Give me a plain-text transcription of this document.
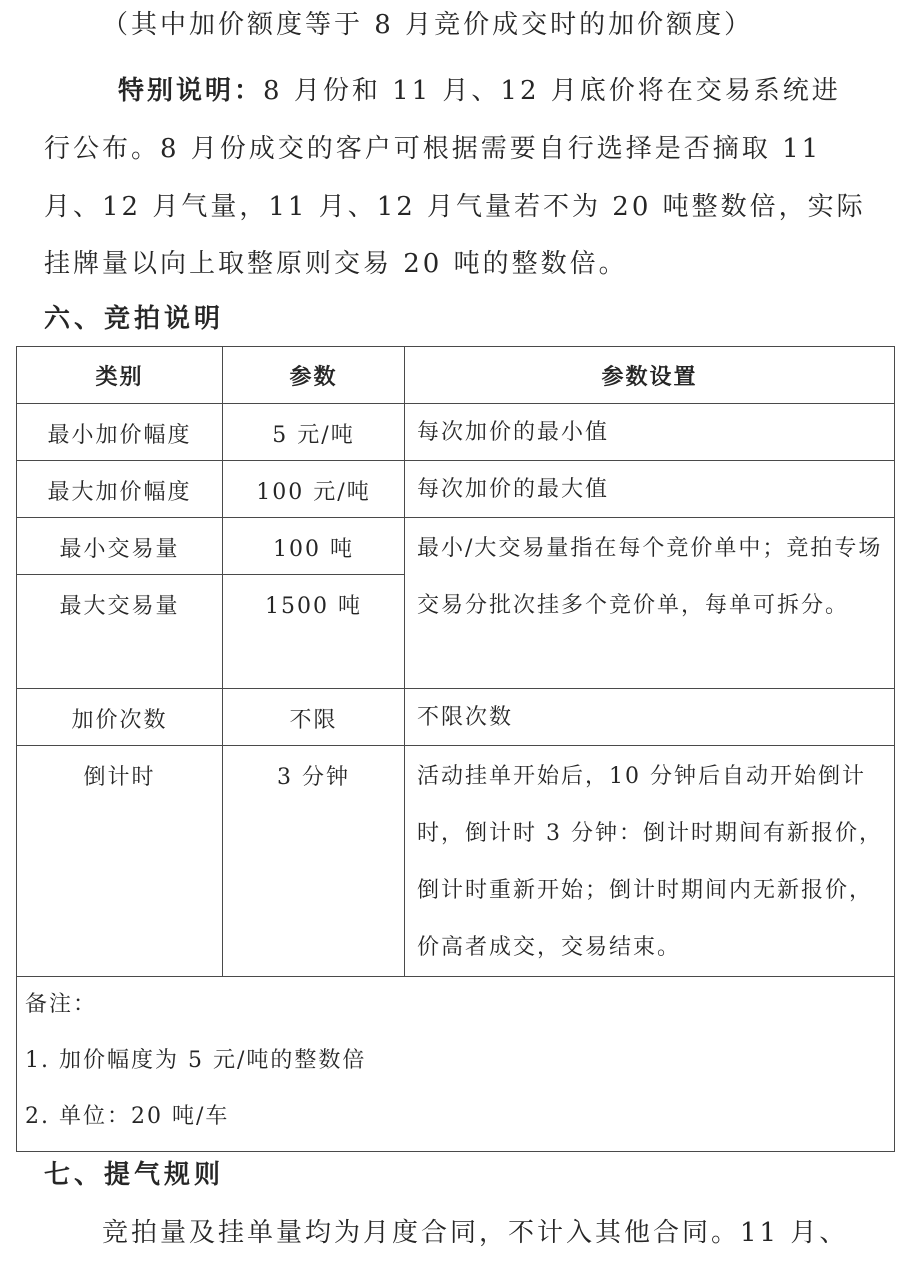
（其中加价额度等于 8 月竞价成交时的加价额度）
特别说明：8 月份和 11 月、12 月底价将在交易系统进
行公布。8 月份成交的客户可根据需要自行选择是否摘取 11
月、12 月气量，11 月、12 月气量若不为 20 吨整数倍，实际
挂牌量以向上取整原则交易 20 吨的整数倍。
六、竞拍说明
类别	参数	参数设置
最小加价幅度	5 元/吨	每次加价的最小值

最大加价幅度	100 元/吨	每次加价的最大值

最小交易量	100 吨	最小/大交易量指在每个竞价单中；竞拍专场交易分批次挂多个竞价单，每单可拆分。

最大交易量	1500 吨	
加价次数	不限	不限次数

倒计时	3 分钟	活动挂单开始后，10 分钟后自动开始倒计时，倒计时 3 分钟：倒计时期间有新报价，倒计时重新开始；倒计时期间内无新报价，价高者成交，交易结束。

备注：
1. 加价幅度为 5 元/吨的整数倍
2. 单位：20 吨/车		
七、提气规则
竞拍量及挂单量均为月度合同，不计入其他合同。11 月、
